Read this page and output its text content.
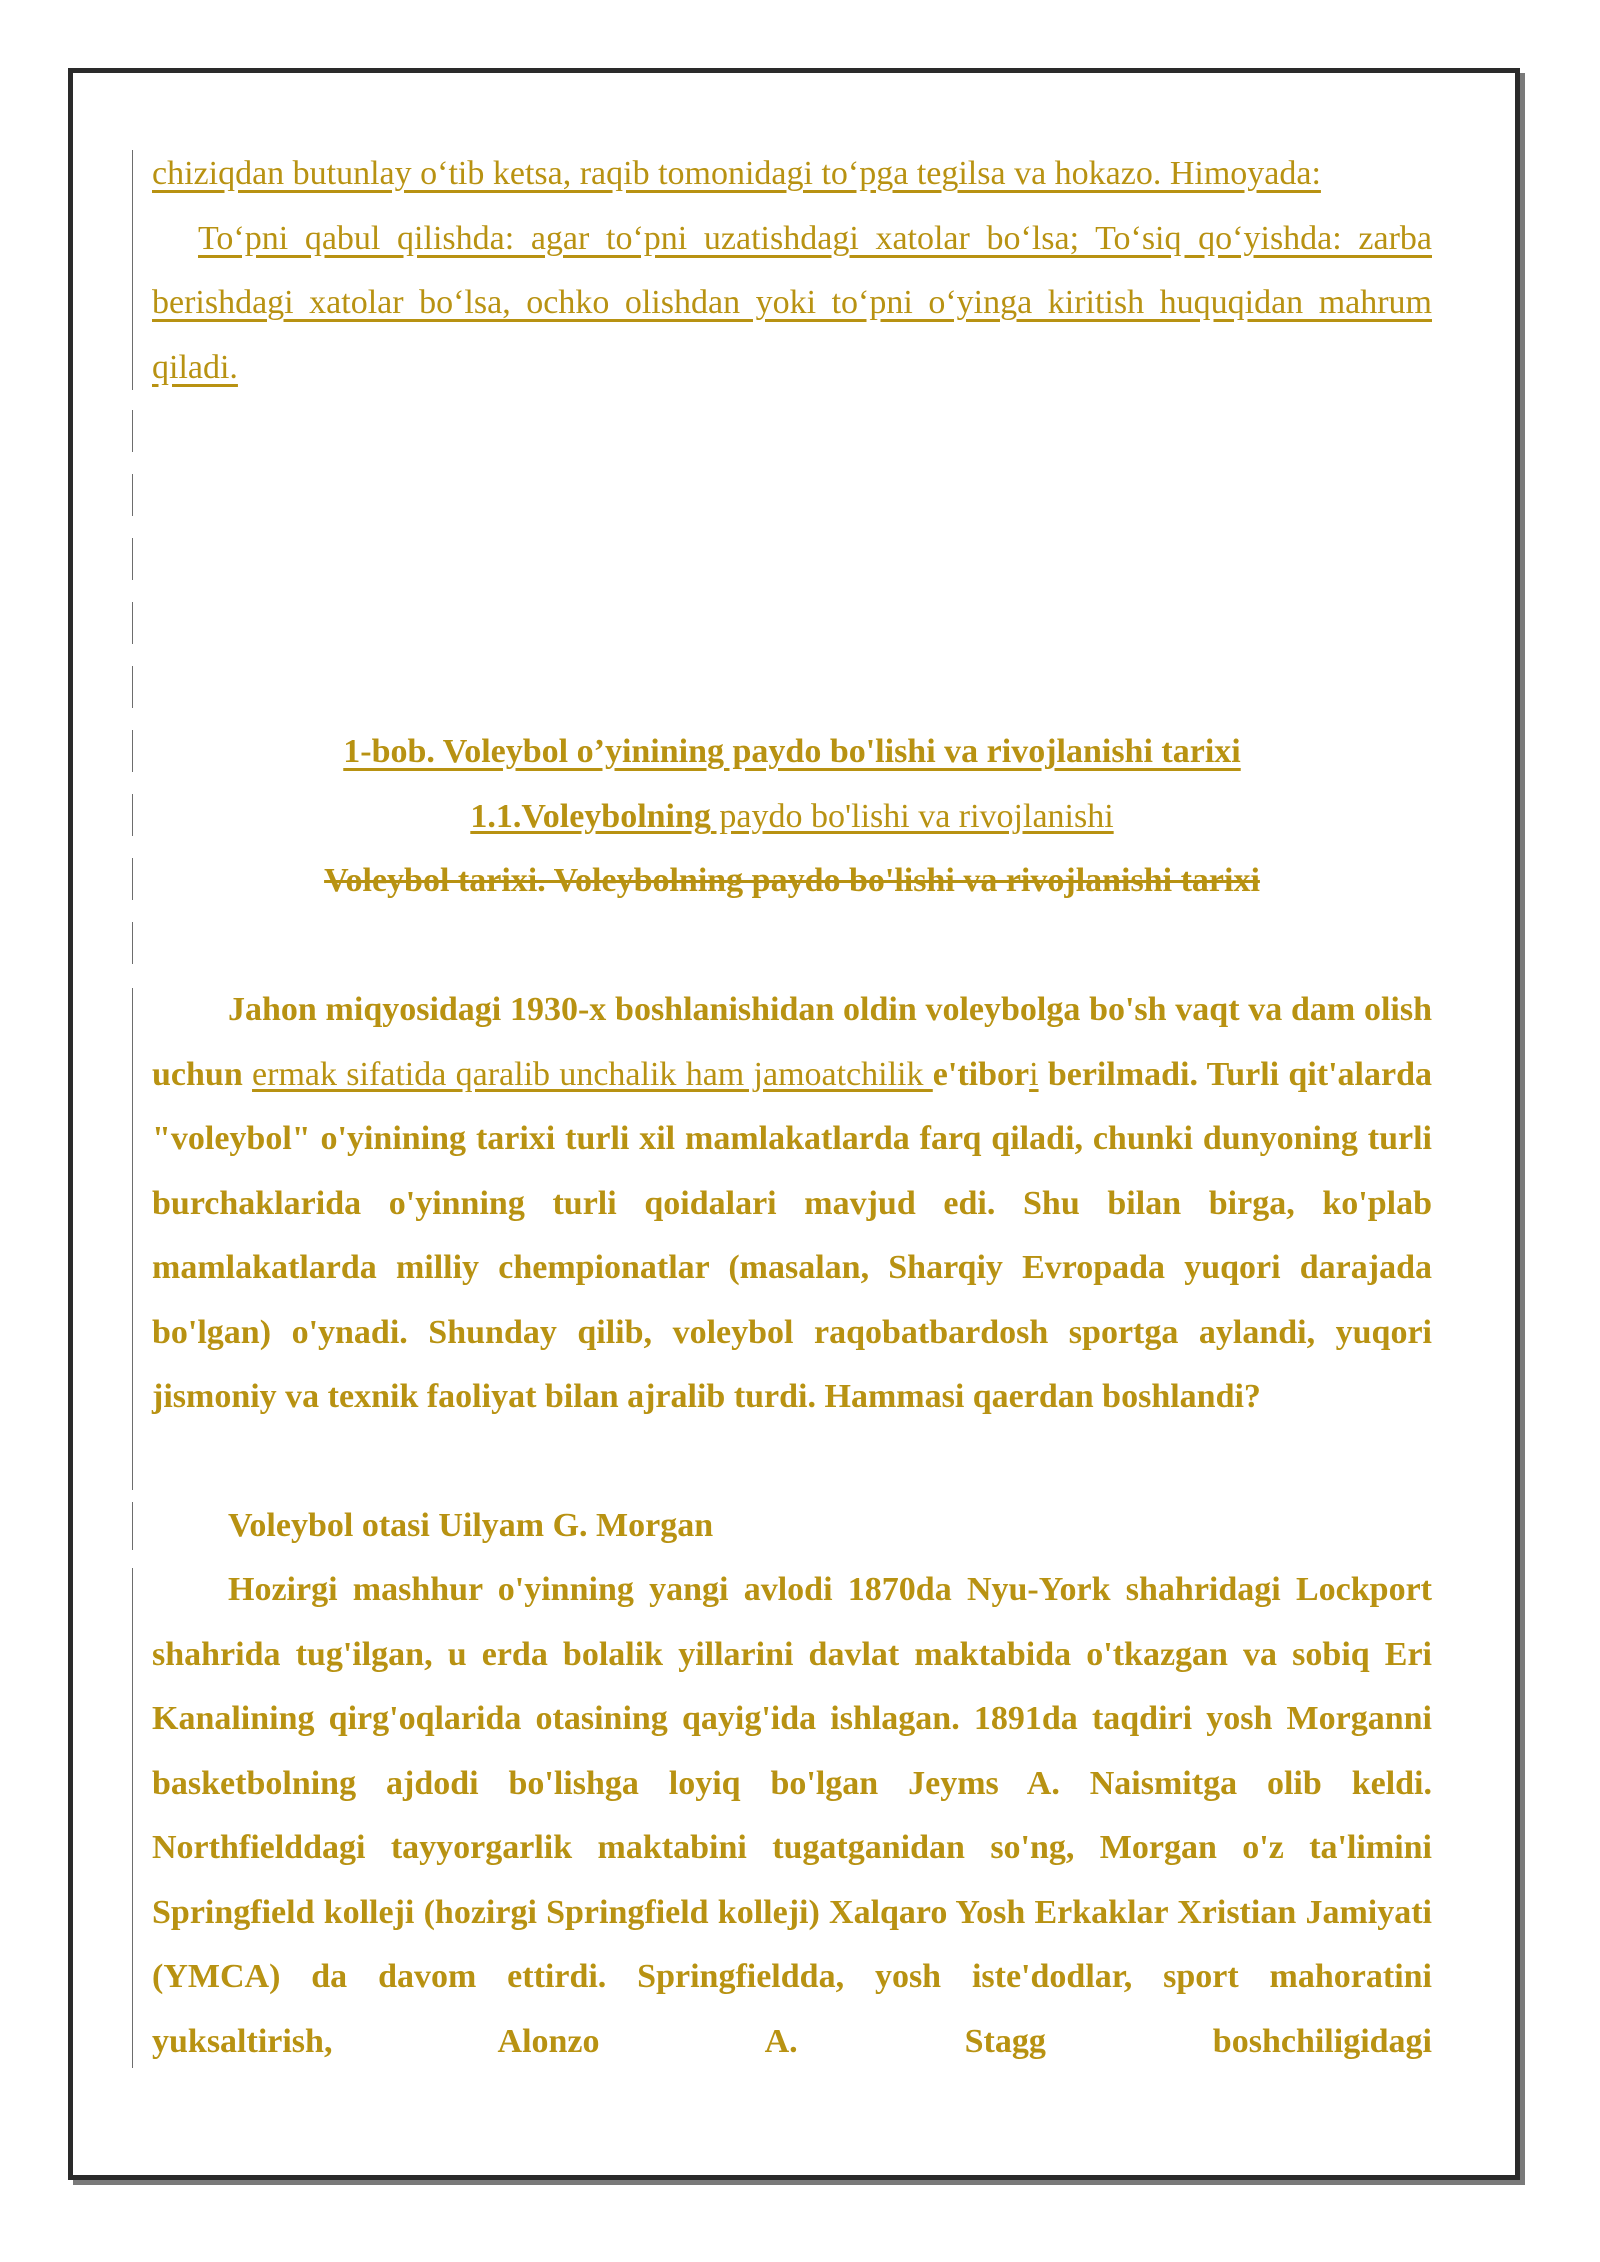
chiziqdan butunlay o‘tib ketsa, raqib tomonidagi to‘pga tegilsa va hokazo. Himoyada:
To‘pni qabul qilishda: agar to‘pni uzatishdagi xatolar bo‘lsa; To‘siq qo‘yishda: zarba berishdagi xatolar bo‘lsa, ochko olishdan yoki to‘pni o‘yinga kiritish huquqidan mahrum qiladi.

1-bob. Voleybol o’yinining paydo bo'lishi va rivojlanishi tarixi
1.1.Voleybolning paydo bo'lishi va rivojlanishi
Voleybol tarixi. Voleybolning paydo bo'lishi va rivojlanishi tarixi

Jahon miqyosidagi 1930-x boshlanishidan oldin voleybolga bo'sh vaqt va dam olish uchun ermak sifatida qaralib unchalik ham jamoatchilik e'tibori berilmadi. Turli qit'alarda "voleybol" o'yinining tarixi turli xil mamlakatlarda farq qiladi, chunki dunyoning turli burchaklarida o'yinning turli qoidalari mavjud edi. Shu bilan birga, ko'plab mamlakatlarda milliy chempionatlar (masalan, Sharqiy Evropada yuqori darajada bo'lgan) o'ynadi. Shunday qilib, voleybol raqobatbardosh sportga aylandi, yuqori jismoniy va texnik faoliyat bilan ajralib turdi. Hammasi qaerdan boshlandi?

Voleybol otasi Uilyam G. Morgan

Hozirgi mashhur o'yinning yangi avlodi 1870da Nyu-York shahridagi Lockport shahrida tug'ilgan, u erda bolalik yillarini davlat maktabida o'tkazgan va sobiq Eri Kanalining qirg'oqlarida otasining qayig'ida ishlagan. 1891da taqdiri yosh Morganni basketbolning ajdodi bo'lishga loyiq bo'lgan Jeyms A. Naismitga olib keldi. Northfielddagi tayyorgarlik maktabini tugatganidan so'ng, Morgan o'z ta'limini Springfield kolleji (hozirgi Springfield kolleji) Xalqaro Yosh Erkaklar Xristian Jamiyati (YMCA) da davom ettirdi. Springfieldda, yosh iste'dodlar, sport mahoratini yuksaltirish, Alonzo A. Stagg boshchiligidagi
